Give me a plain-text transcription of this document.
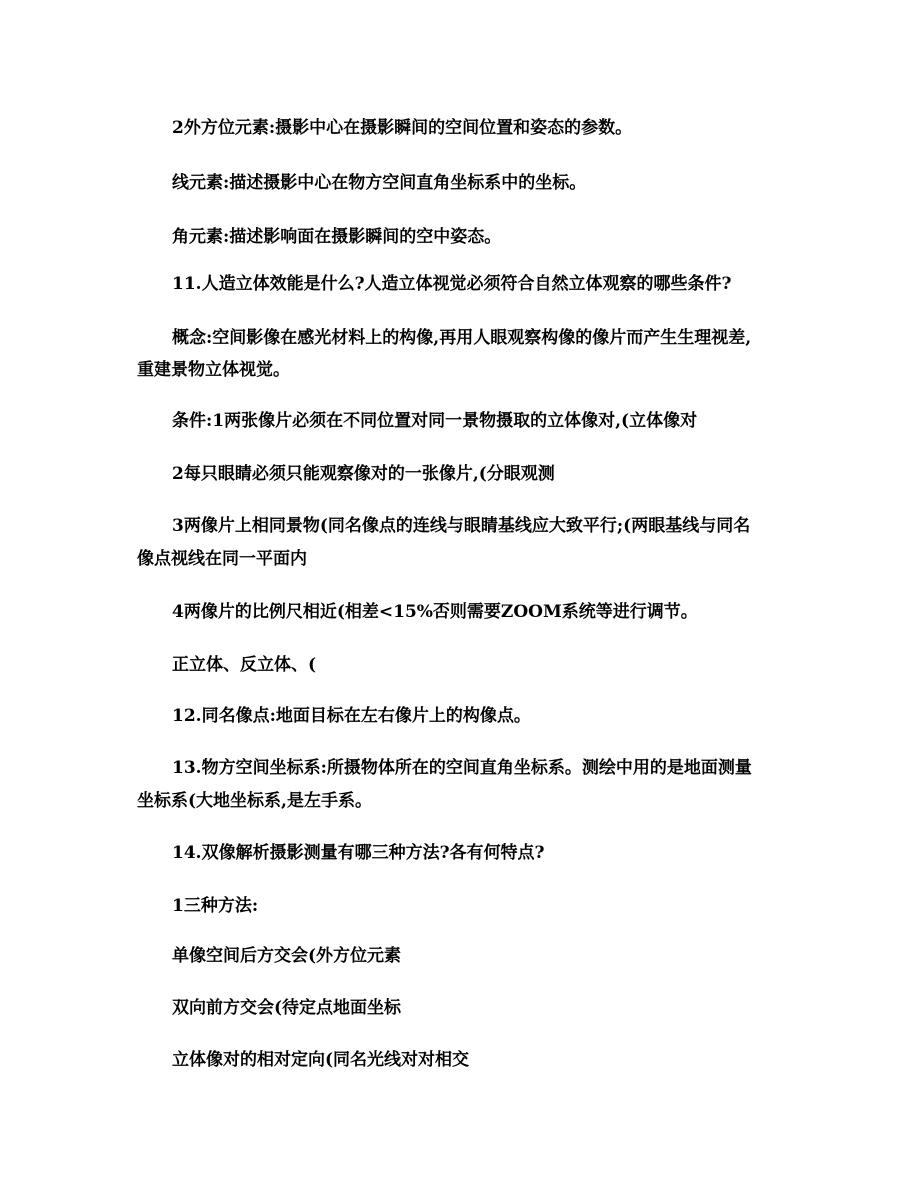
2外方位元素:摄影中心在摄影瞬间的空间位置和姿态的参数。

线元素:描述摄影中心在物方空间直角坐标系中的坐标。

角元素:描述影响面在摄影瞬间的空中姿态。

11.人造立体效能是什么?人造立体视觉必须符合自然立体观察的哪些条件?

概念:空间影像在感光材料上的构像,再用人眼观察构像的像片而产生生理视差,

重建景物立体视觉。

条件:1两张像片必须在不同位置对同一景物摄取的立体像对,(立体像对

2每只眼睛必须只能观察像对的一张像片,(分眼观测

3两像片上相同景物(同名像点的连线与眼睛基线应大致平行;(两眼基线与同名

像点视线在同一平面内

4两像片的比例尺相近(相差<15%否则需要ZOOM系统等进行调节。

正立体、反立体、(

12.同名像点:地面目标在左右像片上的构像点。

13.物方空间坐标系:所摄物体所在的空间直角坐标系。测绘中用的是地面测量

坐标系(大地坐标系,是左手系。

14.双像解析摄影测量有哪三种方法?各有何特点?

1三种方法:

单像空间后方交会(外方位元素

双向前方交会(待定点地面坐标

立体像对的相对定向(同名光线对对相交
